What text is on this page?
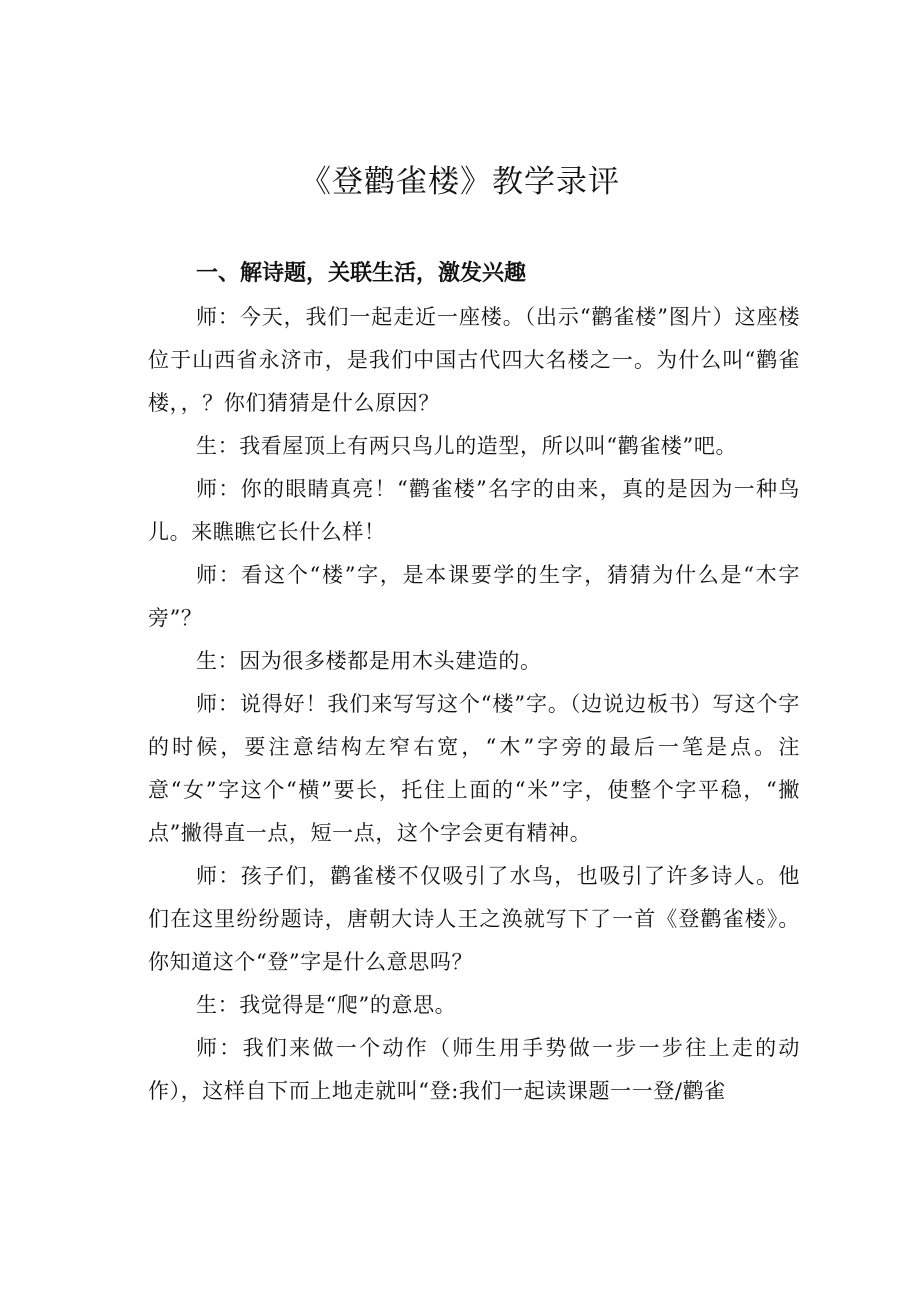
《登鹳雀楼》教学录评
一、解诗题，关联生活，激发兴趣

师：今天，我们一起走近一座楼。（出示“鹳雀楼”图片）这座楼位于山西省永济市，是我们中国古代四大名楼之一。为什么叫“鹳雀楼，，？你们猜猜是什么原因？

生：我看屋顶上有两只鸟儿的造型，所以叫“鹳雀楼”吧。

师：你的眼睛真亮！“鹳雀楼”名字的由来，真的是因为一种鸟儿。来瞧瞧它长什么样！

师：看这个“楼”字，是本课要学的生字，猜猜为什么是“木字旁”？

生：因为很多楼都是用木头建造的。

师：说得好！我们来写写这个“楼”字。（边说边板书）写这个字的时候，要注意结构左窄右宽，“木”字旁的最后一笔是点。注意“女”字这个“横”要长，托住上面的“米”字，使整个字平稳，“撇点”撇得直一点，短一点，这个字会更有精神。

师：孩子们，鹳雀楼不仅吸引了水鸟，也吸引了许多诗人。他们在这里纷纷题诗，唐朝大诗人王之涣就写下了一首《登鹳雀楼》。你知道这个“登”字是什么意思吗？

生：我觉得是“爬”的意思。

师：我们来做一个动作（师生用手势做一步一步往上走的动作），这样自下而上地走就叫“登:我们一起读课题一一登/鹳雀
